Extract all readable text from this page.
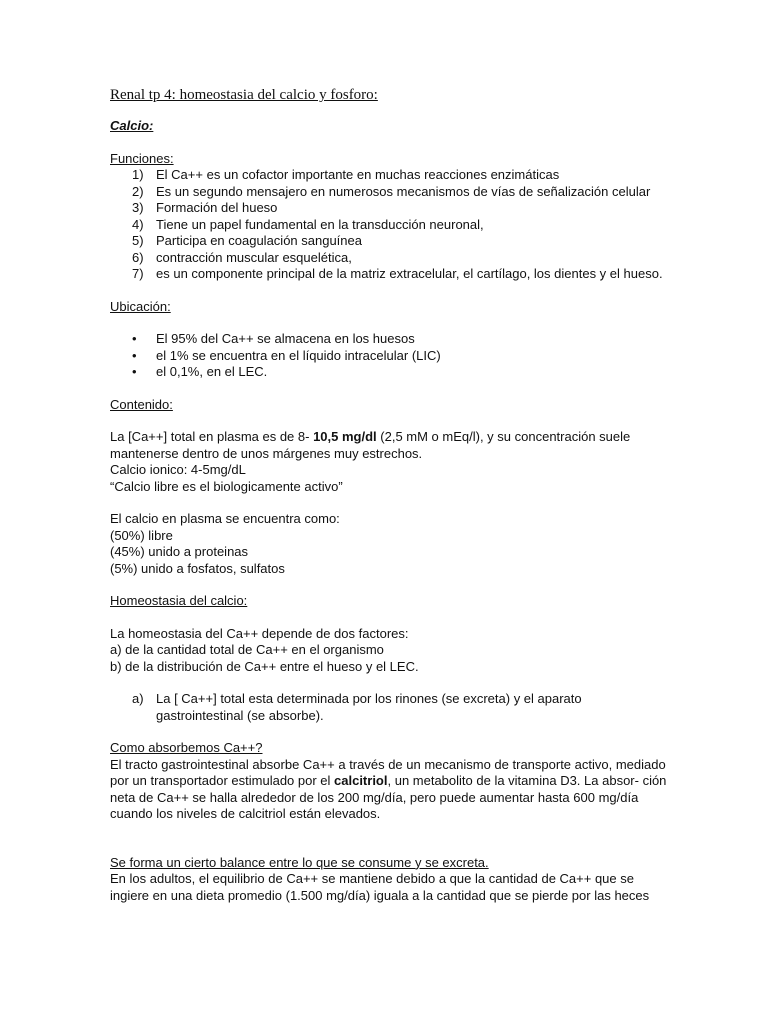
Renal tp 4: homeostasia del calcio y fosforo:

Calcio:

Funciones:

1) El Ca++ es un cofactor importante en muchas reacciones enzimáticas
2) Es un segundo mensajero en numerosos mecanismos de vías de señalización celular
3) Formación del hueso
4) Tiene un papel fundamental en la transducción neuronal,
5) Participa en coagulación sanguínea
6) contracción muscular esquelética,
7) es un componente principal de la matriz extracelular, el cartílago, los dientes y el hueso.

Ubicación:

• El 95% del Ca++ se almacena en los huesos
• el 1% se encuentra en el líquido intracelular (LIC)
• el 0,1%, en el LEC.

Contenido:

La [Ca++] total en plasma es de 8- 10,5 mg/dl (2,5 mM o mEq/l), y su concentración suele mantenerse dentro de unos márgenes muy estrechos.

Calcio ionico: 4-5mg/dL

“Calcio libre es el biologicamente activo”

El calcio en plasma se encuentra como:

(50%) libre

(45%) unido a proteinas

(5%) unido a fosfatos, sulfatos

Homeostasia del calcio:

La homeostasia del Ca++ depende de dos factores:

a) de la cantidad total de Ca++ en el organismo

b) de la distribución de Ca++ entre el hueso y el LEC.

a) La [ Ca++] total esta determinada por los rinones (se excreta) y el aparato gastrointestinal (se absorbe).

Como absorbemos Ca++?

El tracto gastrointestinal absorbe Ca++ a través de un mecanismo de transporte activo, mediado por un transportador estimulado por el calcitriol, un metabolito de la vitamina D3. La absor- ción neta de Ca++ se halla alrededor de los 200 mg/día, pero puede aumentar hasta 600 mg/día cuando los niveles de calcitriol están elevados.

Se forma un cierto balance entre lo que se consume y se excreta.

En los adultos, el equilibrio de Ca++ se mantiene debido a que la cantidad de Ca++ que se ingiere en una dieta promedio (1.500 mg/día) iguala a la cantidad que se pierde por las heces
